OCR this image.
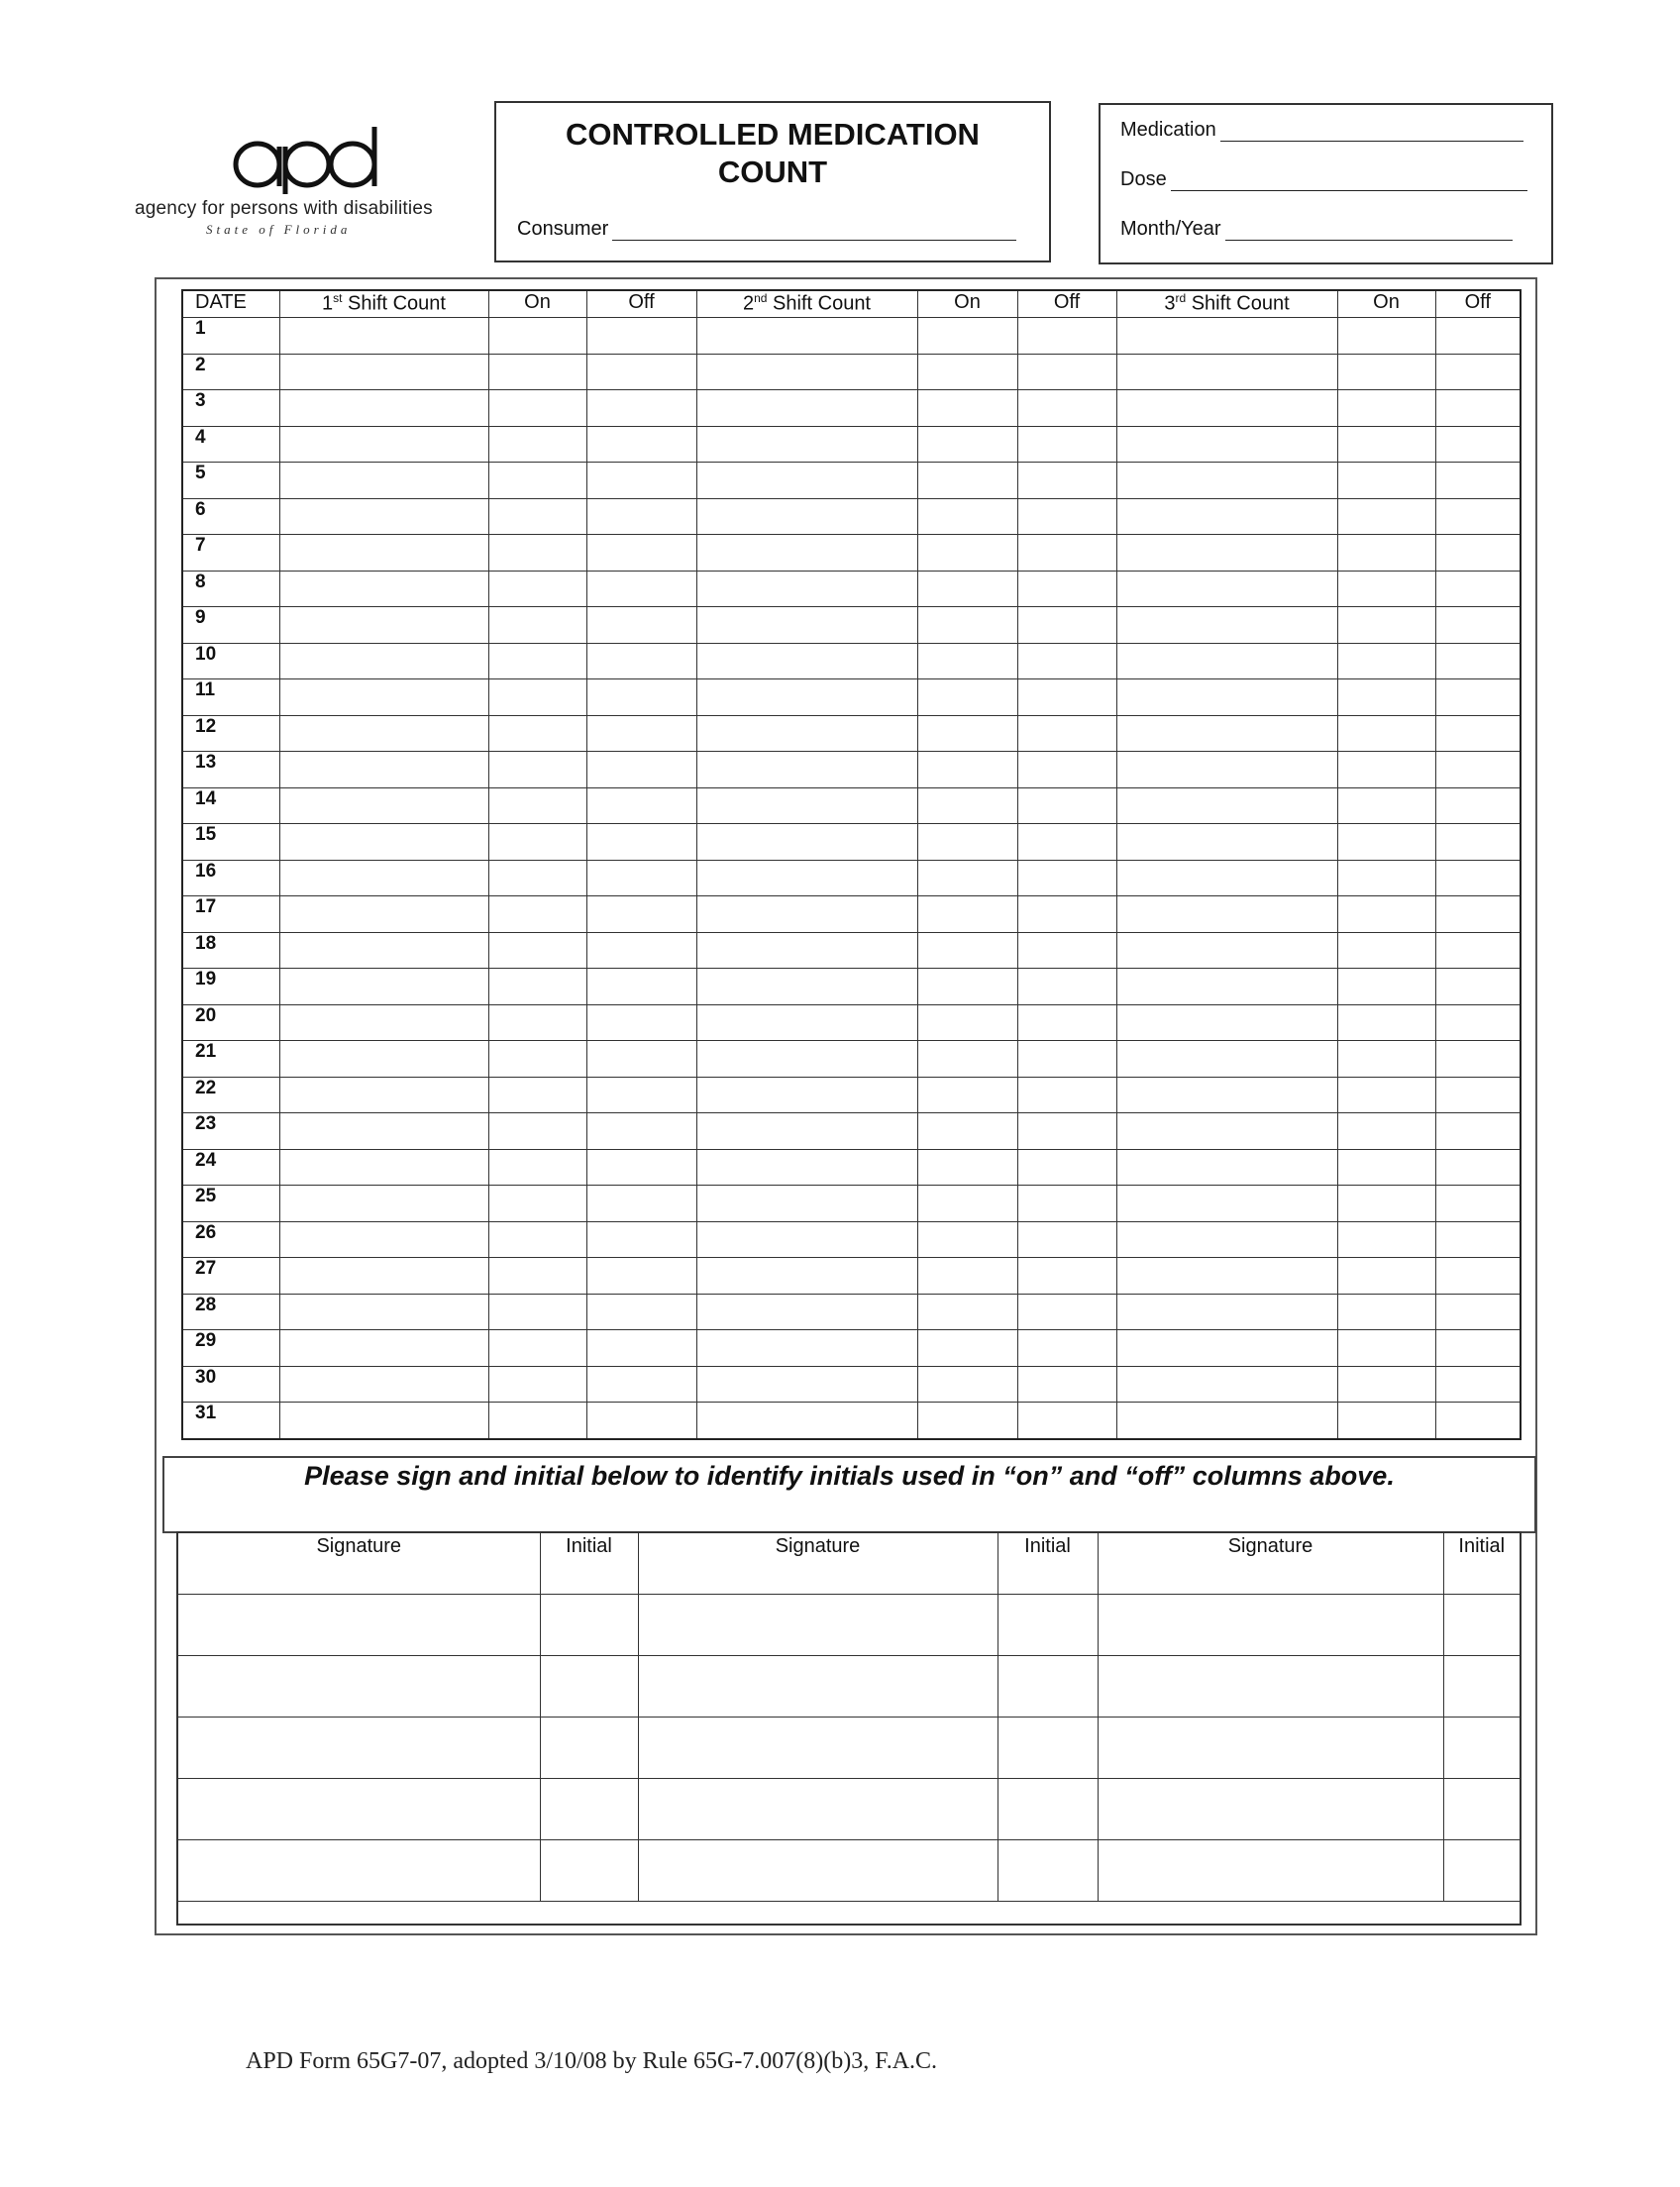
agency for persons with disabilities
State of Florida
CONTROLLED MEDICATION
COUNT
Consumer
Medication
Dose
Month/Year
DATE	1st Shift Count	On	Off	2nd Shift Count	On	Off	3rd Shift Count	On	Off
1									
2									
3									
4									
5									
6									
7									
8									
9									
10									
11									
12									
13									
14									
15									
16									
17									
18									
19									
20									
21									
22									
23									
24									
25									
26									
27									
28									
29									
30									
31									
Please sign and initial below to identify initials used in “on” and “off” columns above.
Signature	Initial	Signature	Initial	Signature	Initial

APD Form 65G7-07, adopted 3/10/08 by Rule 65G-7.007(8)(b)3, F.A.C.
